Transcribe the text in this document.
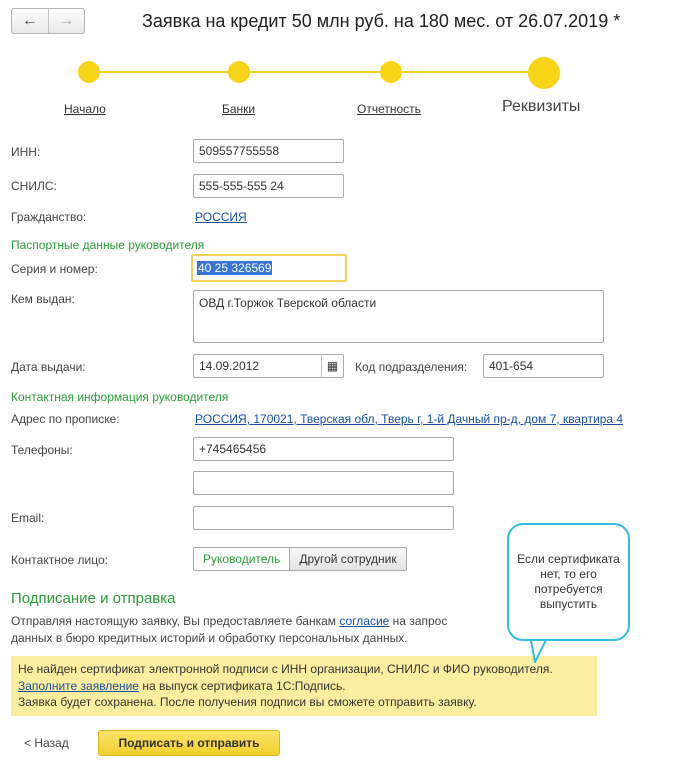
←	→	Заявка на кредит 50 млн руб. на 180 мес. от 26.07.2019 *
Начало	Банки	Отчетность	Реквизиты
ИНН:	509557755558
СНИЛС:	555-555-555 24
Гражданство:	РОССИЯ
Паспортные данные руководителя
Серия и номер:	40 25 326569
Кем выдан:	ОВД г.Торжок Тверской области
Дата выдачи:	14.09.2012	▦	Код подразделения:	401-654
Контактная информация руководителя
Адрес по прописке:	РОССИЯ, 170021, Тверская обл, Тверь г, 1-й Дачный пр-д, дом 7, квартира 4
Телефоны:	+745465456
Email:
Контактное лицо:	Руководитель	Другой сотрудник
Подписание и отправка
Отправляя настоящую заявку, Вы предоставляете банкам согласие на запрос данных в бюро кредитных историй и обработку персональных данных.
Не найден сертификат электронной подписи с ИНН организации, СНИЛС и ФИО руководителя.
Заполните заявление на выпуск сертификата 1С:Подпись.
Заявка будет сохранена. После получения подписи вы сможете отправить заявку.
Если сертификата нет, то его потребуется выпустить
< Назад	Подписать и отправить
